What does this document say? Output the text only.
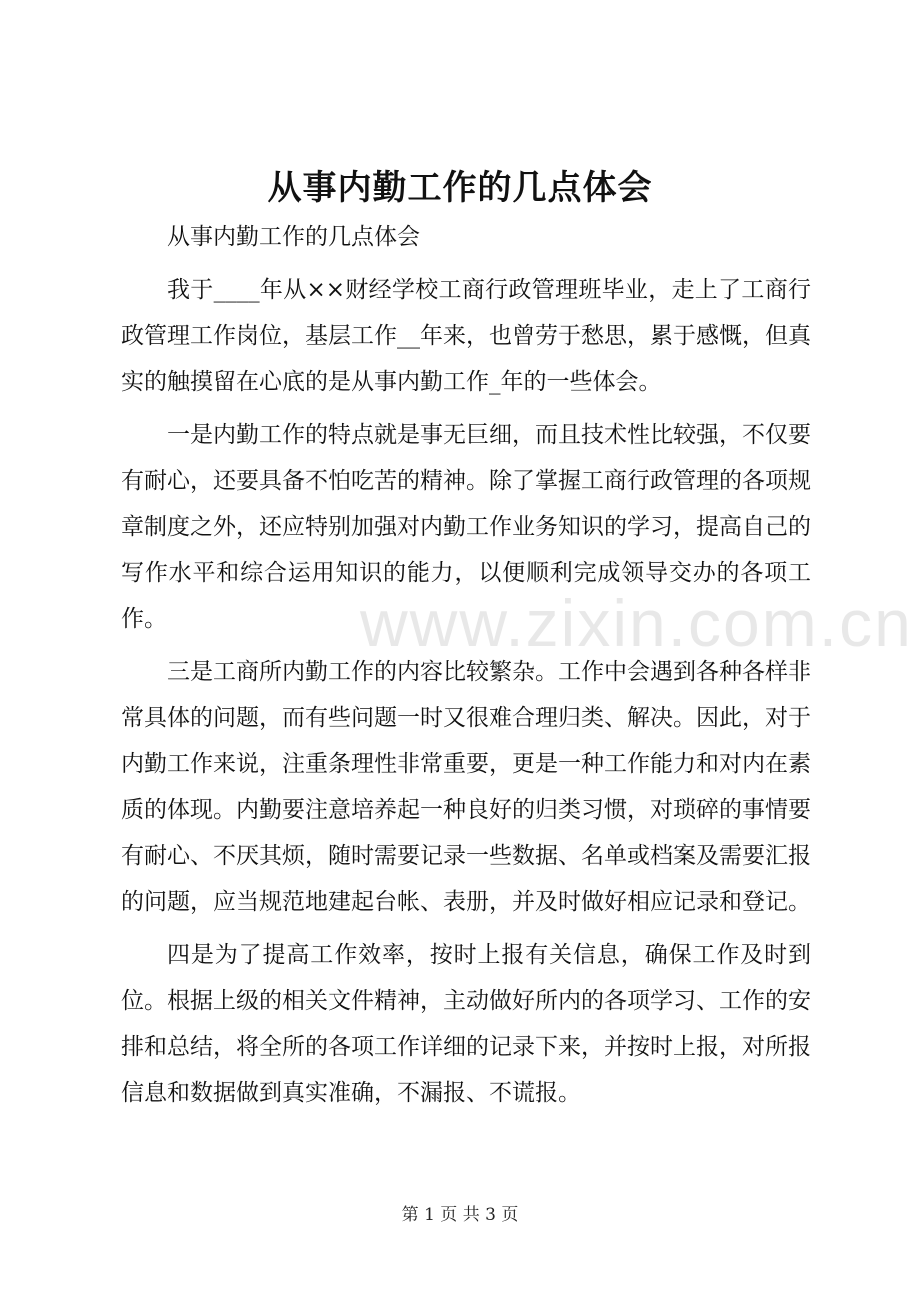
从事内勤工作的几点体会

从事内勤工作的几点体会

我于____年从××财经学校工商行政管理班毕业，走上了工商行政管理工作岗位，基层工作__年来，也曾劳于愁思，累于感慨，但真实的触摸留在心底的是从事内勤工作_年的一些体会。

一是内勤工作的特点就是事无巨细，而且技术性比较强，不仅要有耐心，还要具备不怕吃苦的精神。除了掌握工商行政管理的各项规章制度之外，还应特别加强对内勤工作业务知识的学习，提高自己的写作水平和综合运用知识的能力，以便顺利完成领导交办的各项工作。

三是工商所内勤工作的内容比较繁杂。工作中会遇到各种各样非常具体的问题，而有些问题一时又很难合理归类、解决。因此，对于内勤工作来说，注重条理性非常重要，更是一种工作能力和对内在素质的体现。内勤要注意培养起一种良好的归类习惯，对琐碎的事情要有耐心、不厌其烦，随时需要记录一些数据、名单或档案及需要汇报的问题，应当规范地建起台帐、表册，并及时做好相应记录和登记。

四是为了提高工作效率，按时上报有关信息，确保工作及时到位。根据上级的相关文件精神，主动做好所内的各项学习、工作的安排和总结，将全所的各项工作详细的记录下来，并按时上报，对所报信息和数据做到真实准确，不漏报、不谎报。

www.zixin.com.cn
第 1 页 共 3 页
